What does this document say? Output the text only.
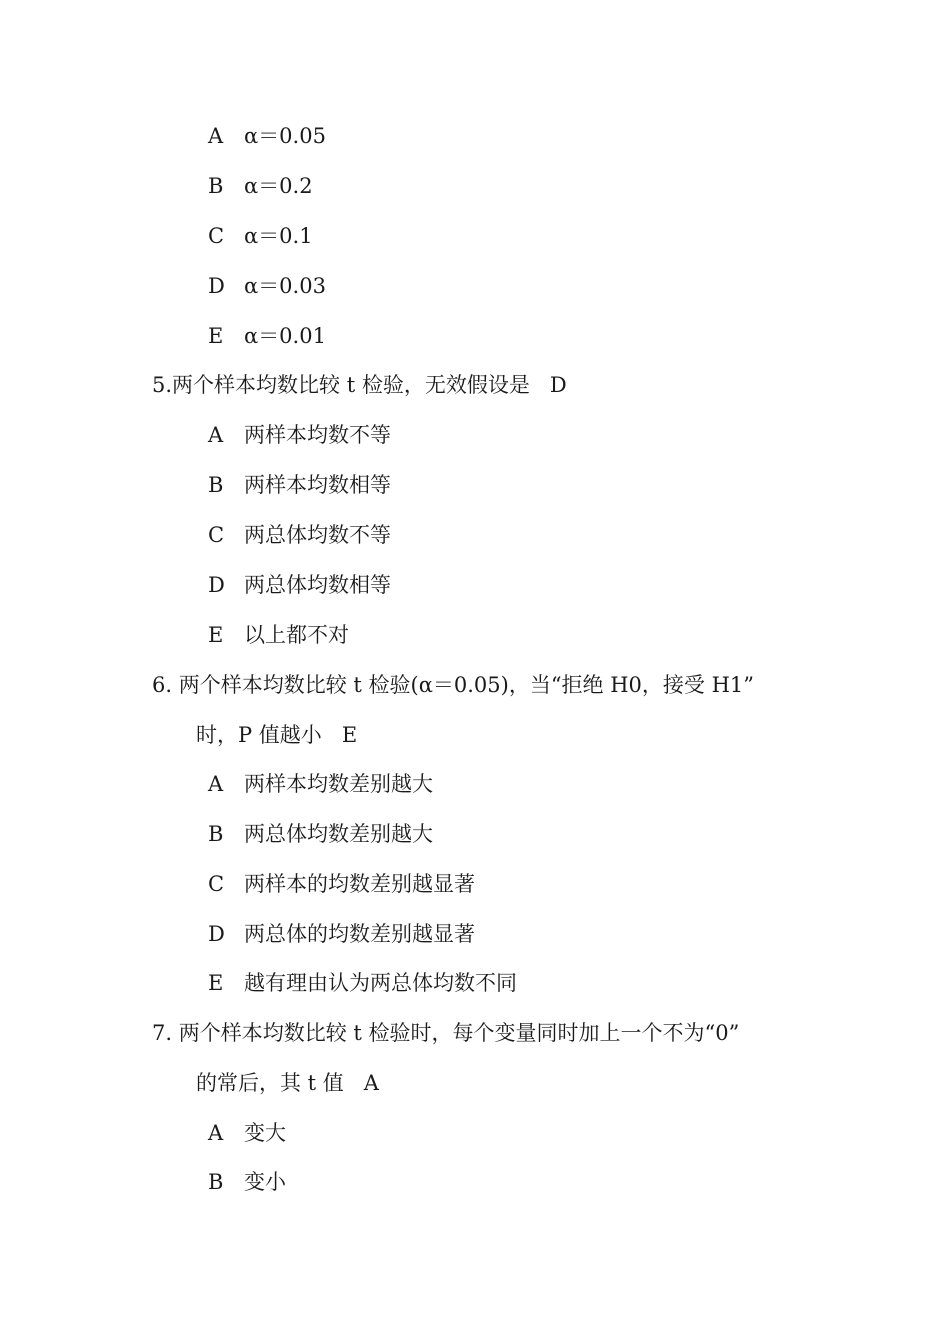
A α＝0.05
B α＝0.2
C α＝0.1
D α＝0.03
E α＝0.01
5.两个样本均数比较 t 检验，无效假设是 D
A 两样本均数不等
B 两样本均数相等
C 两总体均数不等
D 两总体均数相等
E 以上都不对
6. 两个样本均数比较 t 检验(α＝0.05)，当“拒绝 H0，接受 H1”
时，P 值越小 E
A 两样本均数差别越大
B 两总体均数差别越大
C 两样本的均数差别越显著
D 两总体的均数差别越显著
E 越有理由认为两总体均数不同
7. 两个样本均数比较 t 检验时，每个变量同时加上一个不为“0”
的常后，其 t 值 A
A 变大
B 变小
